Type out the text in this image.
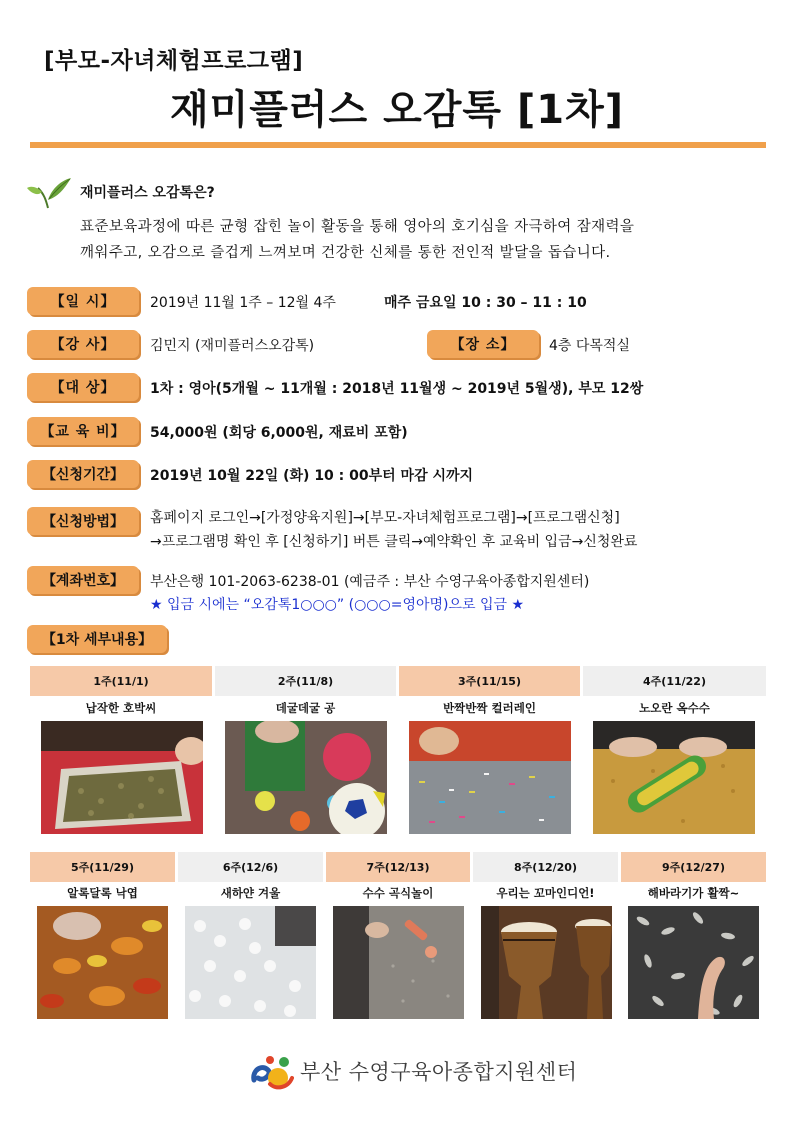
[부모-자녀체험프로그램]
재미플러스 오감톡 [1차]
재미플러스 오감톡은?
표준보육과정에 따른 균형 잡힌 놀이 활동을 통해 영아의 호기심을 자극하여 잠재력을
깨워주고, 오감으로 즐겁게 느껴보며 건강한 신체를 통한 전인적 발달을 돕습니다.
【일 시】	2019년 11월 1주 – 12월 4주	매주 금요일 10 : 30 – 11 : 10
【강 사】	김민지 (재미플러스오감톡)	【장 소】	4층 다목적실
【대 상】	1차 : 영아(5개월 ~ 11개월 : 2018년 11월생 ~ 2019년 5월생), 부모 12쌍
【교 육 비】	54,000원 (회당 6,000원, 재료비 포함)
【신청기간】	2019년 10월 22일 (화) 10 : 00부터 마감 시까지
【신청방법】	홈페이지 로그인→[가정양육지원]→[부모-자녀체험프로그램]→[프로그램신청]
→프로그램명 확인 후 [신청하기] 버튼 클릭→예약확인 후 교육비 입금→신청완료
【계좌번호】	부산은행 101-2063-6238-01 (예금주 : 부산 수영구육아종합지원센터)
★ 입금 시에는 “오감톡1○○○” (○○○=영아명)으로 입금 ★
【1차 세부내용】
1주(11/1)	2주(11/8)	3주(11/15)	4주(11/22)
납작한 호박씨	데굴데굴 공	반짝반짝 컬러레인	노오란 옥수수
5주(11/29)	6주(12/6)	7주(12/13)	8주(12/20)	9주(12/27)
알록달록 낙엽	새하얀 겨울	수수 곡식놀이	우리는 꼬마인디언!	해바라기가 활짝~
부산 수영구육아종합지원센터
